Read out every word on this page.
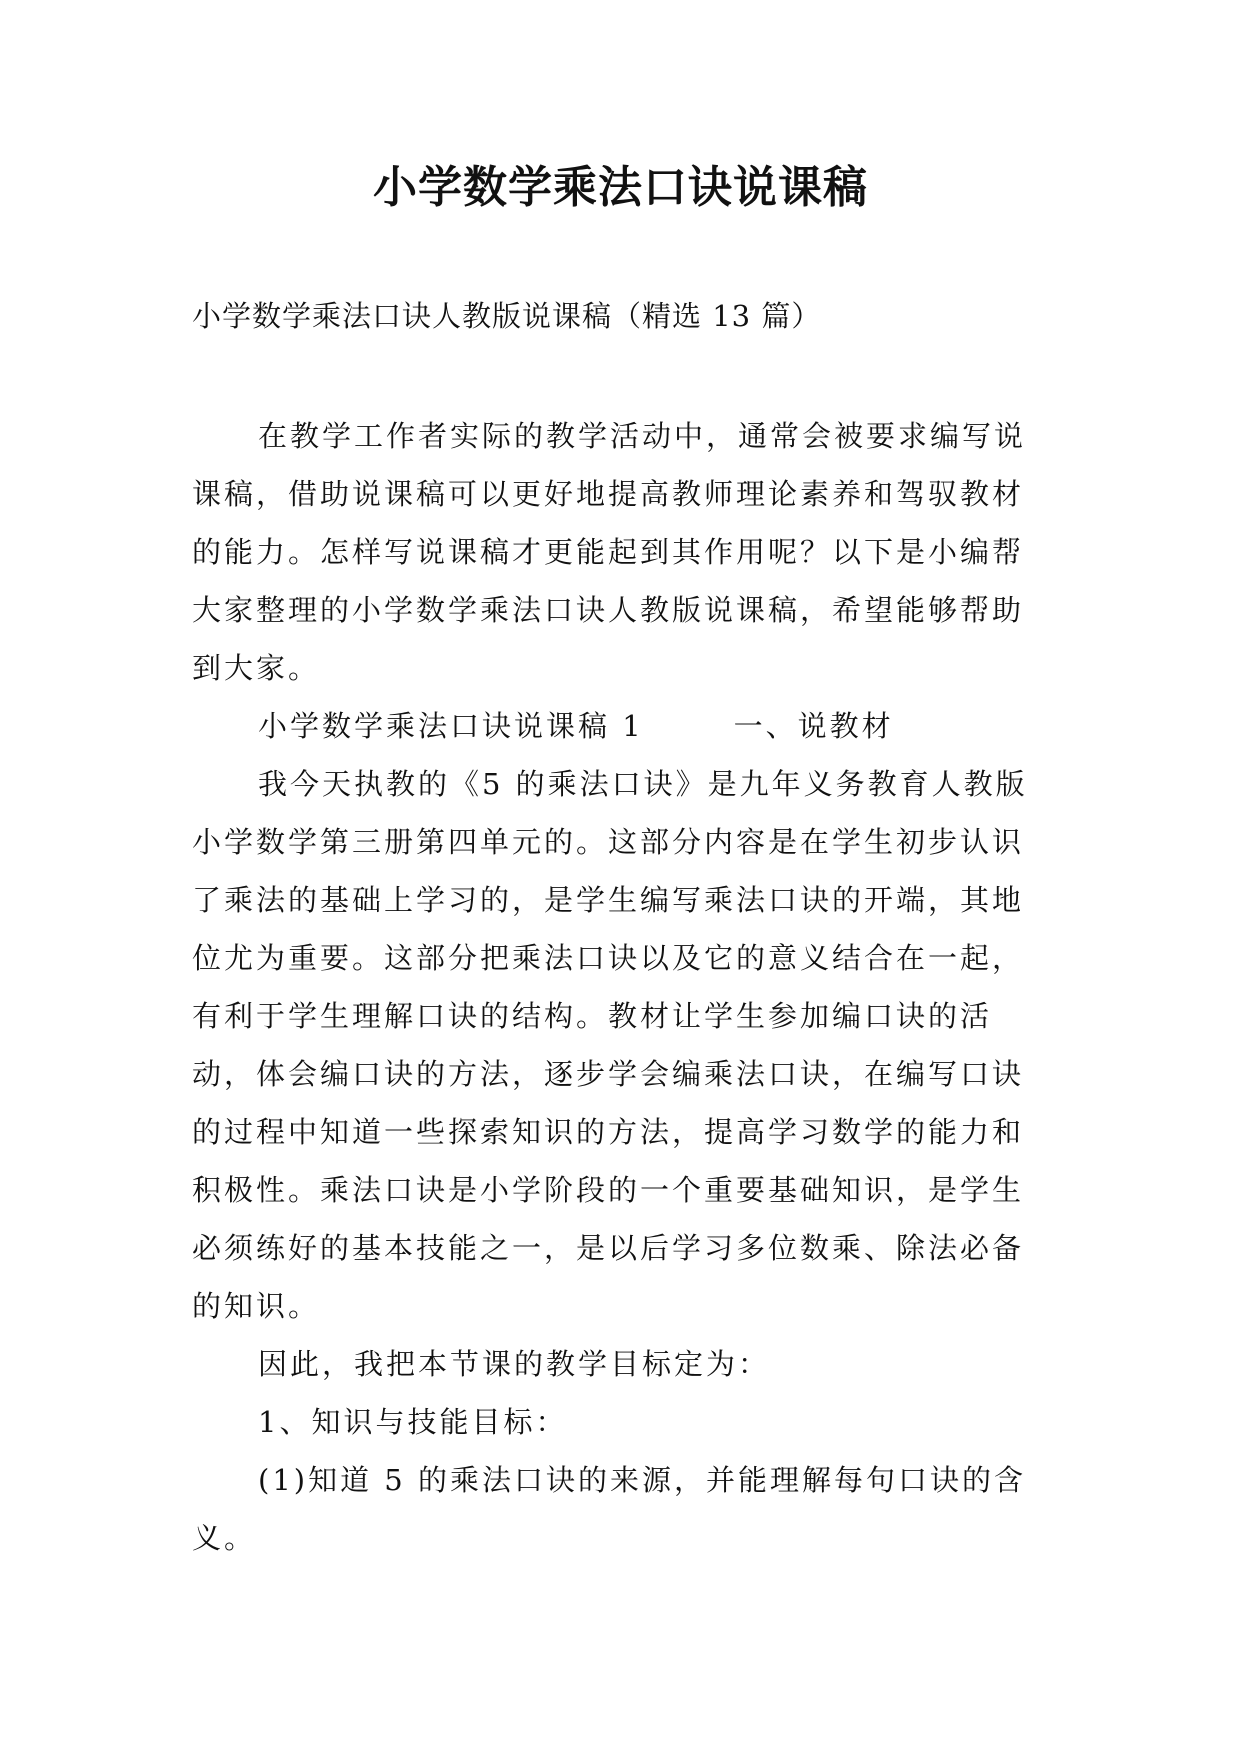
小学数学乘法口诀说课稿

小学数学乘法口诀人教版说课稿（精选 13 篇）

在教学工作者实际的教学活动中，通常会被要求编写说课稿，借助说课稿可以更好地提高教师理论素养和驾驭教材的能力。怎样写说课稿才更能起到其作用呢？以下是小编帮大家整理的小学数学乘法口诀人教版说课稿，希望能够帮助到大家。

小学数学乘法口诀说课稿 1	一、说教材

我今天执教的《5 的乘法口诀》是九年义务教育人教版小学数学第三册第四单元的。这部分内容是在学生初步认识了乘法的基础上学习的，是学生编写乘法口诀的开端，其地位尤为重要。这部分把乘法口诀以及它的意义结合在一起，有利于学生理解口诀的结构。教材让学生参加编口诀的活动，体会编口诀的方法，逐步学会编乘法口诀，在编写口诀的过程中知道一些探索知识的方法，提高学习数学的能力和积极性。乘法口诀是小学阶段的一个重要基础知识，是学生必须练好的基本技能之一，是以后学习多位数乘、除法必备的知识。

因此，我把本节课的教学目标定为：

1、知识与技能目标：

(1)知道 5 的乘法口诀的来源，并能理解每句口诀的含义。
